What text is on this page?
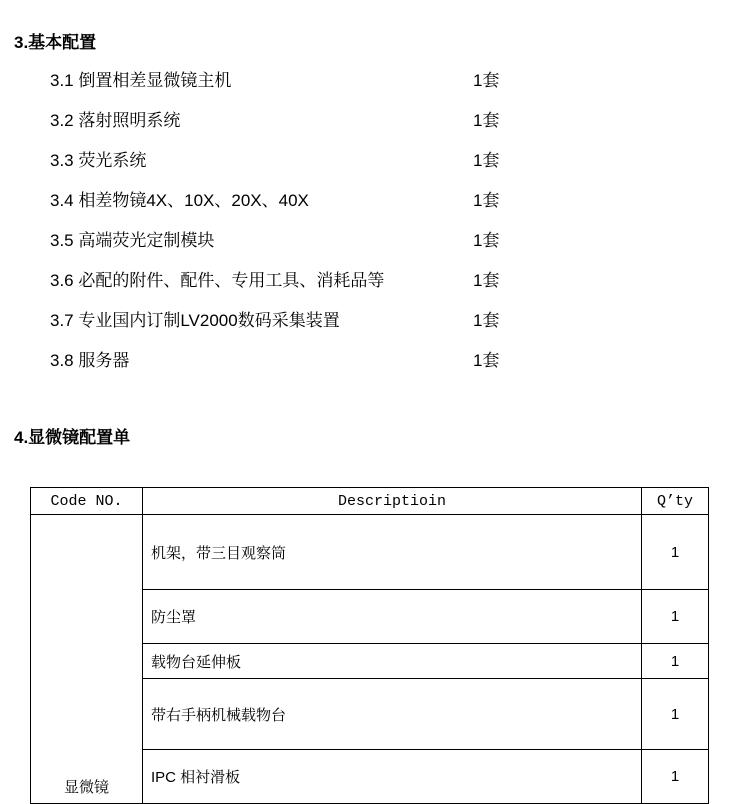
3.基本配置
3.1 倒置相差显微镜主机	1套
3.2 落射照明系统	1套
3.3 荧光系统	1套
3.4 相差物镜4X、10X、20X、40X	1套
3.5 高端荧光定制模块	1套
3.6 必配的附件、配件、专用工具、消耗品等	1套
3.7 专业国内订制LV2000数码采集装置	1套
3.8 服务器	1套
4.显微镜配置单
Code NO.	Descriptioin	Q’ty

显微镜	机架，带三目观察筒	1
	防尘罩	1
	载物台延伸板	1
	带右手柄机械载物台	1
	IPC 相衬滑板	1
